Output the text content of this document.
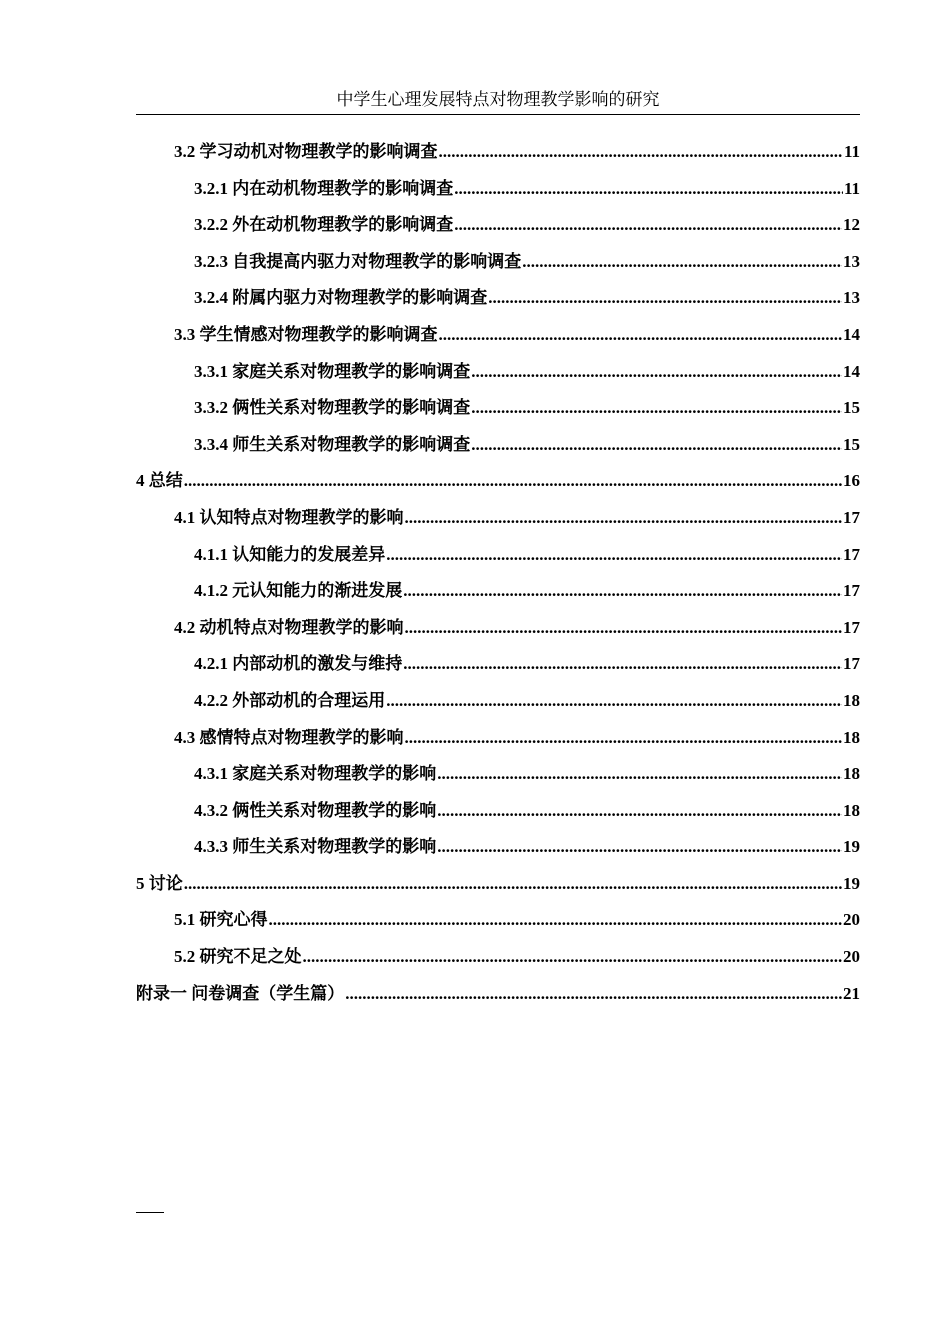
中学生心理发展特点对物理教学影响的研究
3.2 学习动机对物理教学的影响调查 .....	11
3.2.1 内在动机物理教学的影响调查 .....	11
3.2.2 外在动机物理教学的影响调查 .....	12
3.2.3 自我提高内驱力对物理教学的影响调查 .....	13
3.2.4 附属内驱力对物理教学的影响调查 .....	13
3.3 学生情感对物理教学的影响调查 .....	14
3.3.1 家庭关系对物理教学的影响调查 .....	14
3.3.2 俩性关系对物理教学的影响调查 .....	15
3.3.4 师生关系对物理教学的影响调查 .....	15
4 总结 .....	16
4.1 认知特点对物理教学的影响 .....	17
4.1.1 认知能力的发展差异 .....	17
4.1.2 元认知能力的渐进发展 .....	17
4.2 动机特点对物理教学的影响 .....	17
4.2.1 内部动机的激发与维持 .....	17
4.2.2 外部动机的合理运用 .....	18
4.3 感情特点对物理教学的影响 .....	18
4.3.1 家庭关系对物理教学的影响 .....	18
4.3.2 俩性关系对物理教学的影响 .....	18
4.3.3 师生关系对物理教学的影响 .....	19
5 讨论 .....	19
5.1 研究心得 .....	20
5.2 研究不足之处 .....	20
附录一 问卷调查（学生篇） .....	21
